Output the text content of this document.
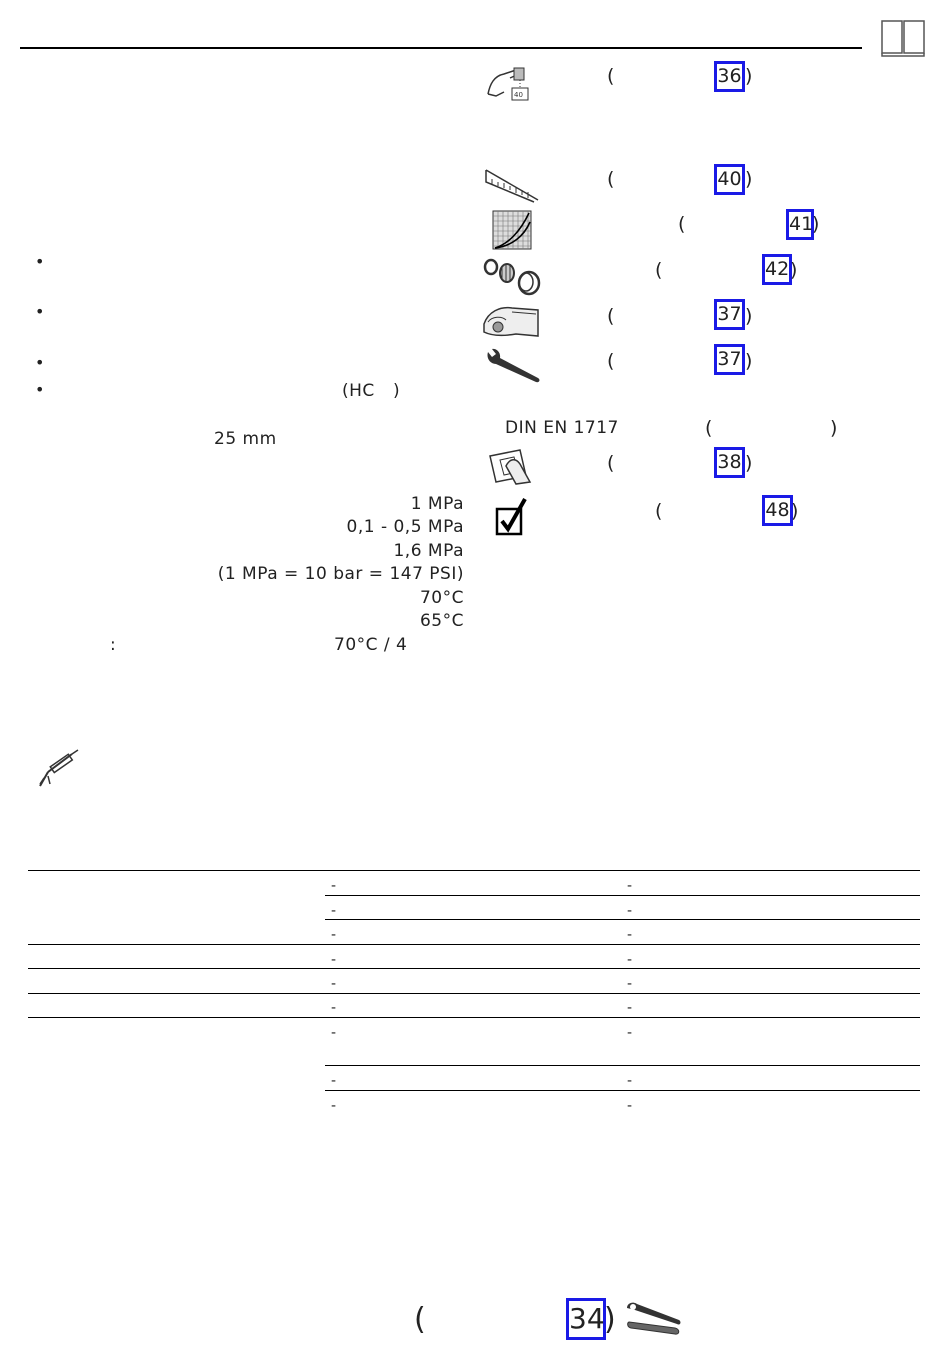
•
•
•
•	(HC )
25 mm
1 MPa
0,1 - 0,5 MPa
1,6 MPa
(1 MPa = 10 bar = 147 PSI)
70°C
65°C
:	70°C / 4
40
(	36 )
(	40 )
(	41
)
(	42 )
(	37 )
(	37 )
DIN EN 1717	(	)
(	38 )
(	48 )
-	-
-	-
-	-
-	-
-	-
-	-
-	-
-	-
-	-
(	34 )
